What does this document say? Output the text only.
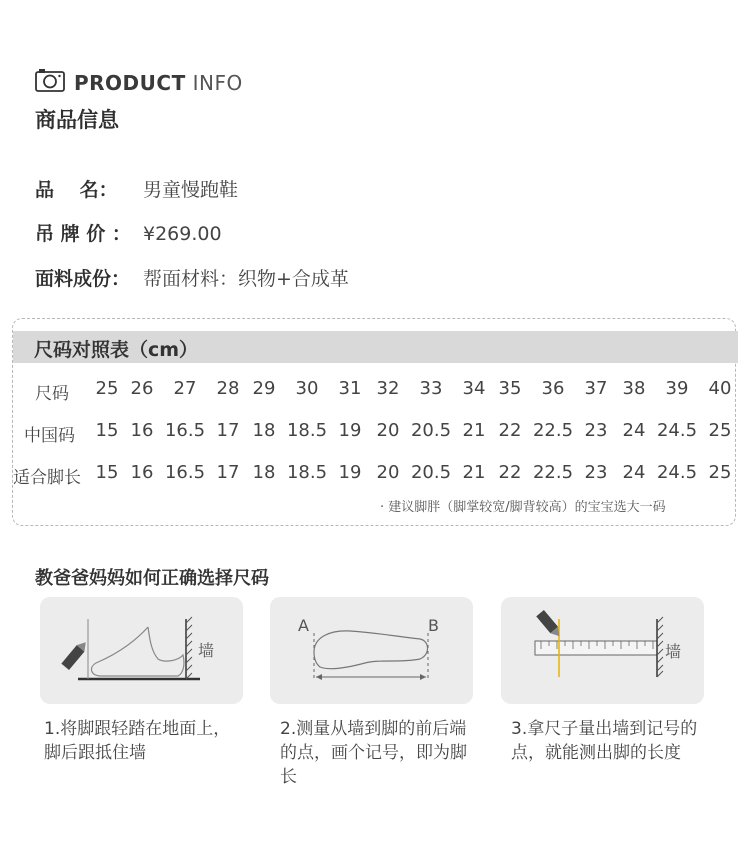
PRODUCT INFO
商品信息
品　 名： 男童慢跑鞋
吊 牌 价 ： ¥269.00
面料成份： 帮面材料：织物+合成革
尺码对照表（cm）
尺码 25 26 27 28 29 30 31 32 33 34 35 36 37 38 39 40
中国码 15 16 16.5 17 18 18.5 19 20 20.5 21 22 22.5 23 24 24.5 25
适合脚长 15 16 16.5 17 18 18.5 19 20 20.5 21 22 22.5 23 24 24.5 25
· 建议脚胖（脚掌较宽/脚背较高）的宝宝选大一码
教爸爸妈妈如何正确选择尺码
墙
1.将脚跟轻踏在地面上，脚后跟抵住墙
A	B
2.测量从墙到脚的前后端的点，画个记号，即为脚长
墙
3.拿尺子量出墙到记号的点，就能测出脚的长度
